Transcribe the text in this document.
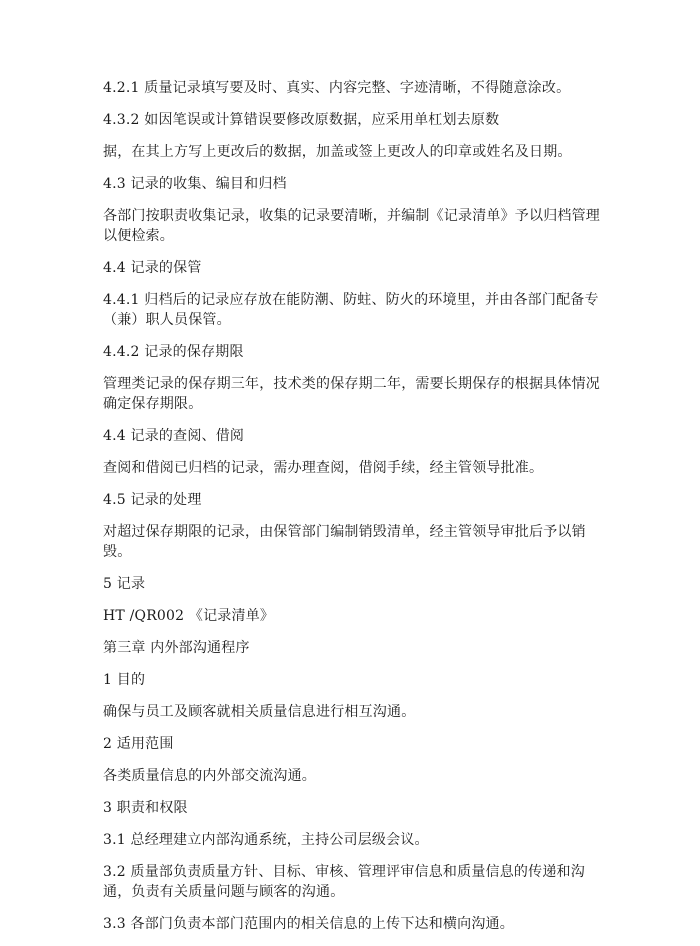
4.2.1 质量记录填写要及时、真实、内容完整、字迹清晰，不得随意涂改。

4.3.2 如因笔误或计算错误要修改原数据，应采用单杠划去原数

据，在其上方写上更改后的数据，加盖或签上更改人的印章或姓名及日期。

4.3 记录的收集、编目和归档

各部门按职责收集记录，收集的记录要清晰，并编制《记录清单》予以归档管理以便检索。

4.4 记录的保管

4.4.1 归档后的记录应存放在能防潮、防蛀、防火的环境里，并由各部门配备专（兼）职人员保管。

4.4.2 记录的保存期限

管理类记录的保存期三年，技术类的保存期二年，需要长期保存的根据具体情况确定保存期限。

4.4 记录的查阅、借阅

查阅和借阅已归档的记录，需办理查阅，借阅手续，经主管领导批准。

4.5 记录的处理

对超过保存期限的记录，由保管部门编制销毁清单，经主管领导审批后予以销毁。

5 记录

HT /QR002 《记录清单》

第三章 内外部沟通程序

1 目的

确保与员工及顾客就相关质量信息进行相互沟通。

2 适用范围

各类质量信息的内外部交流沟通。

3 职责和权限

3.1 总经理建立内部沟通系统，主持公司层级会议。

3.2 质量部负责质量方针、目标、审核、管理评审信息和质量信息的传递和沟通，负责有关质量问题与顾客的沟通。

3.3 各部门负责本部门范围内的相关信息的上传下达和横向沟通。
